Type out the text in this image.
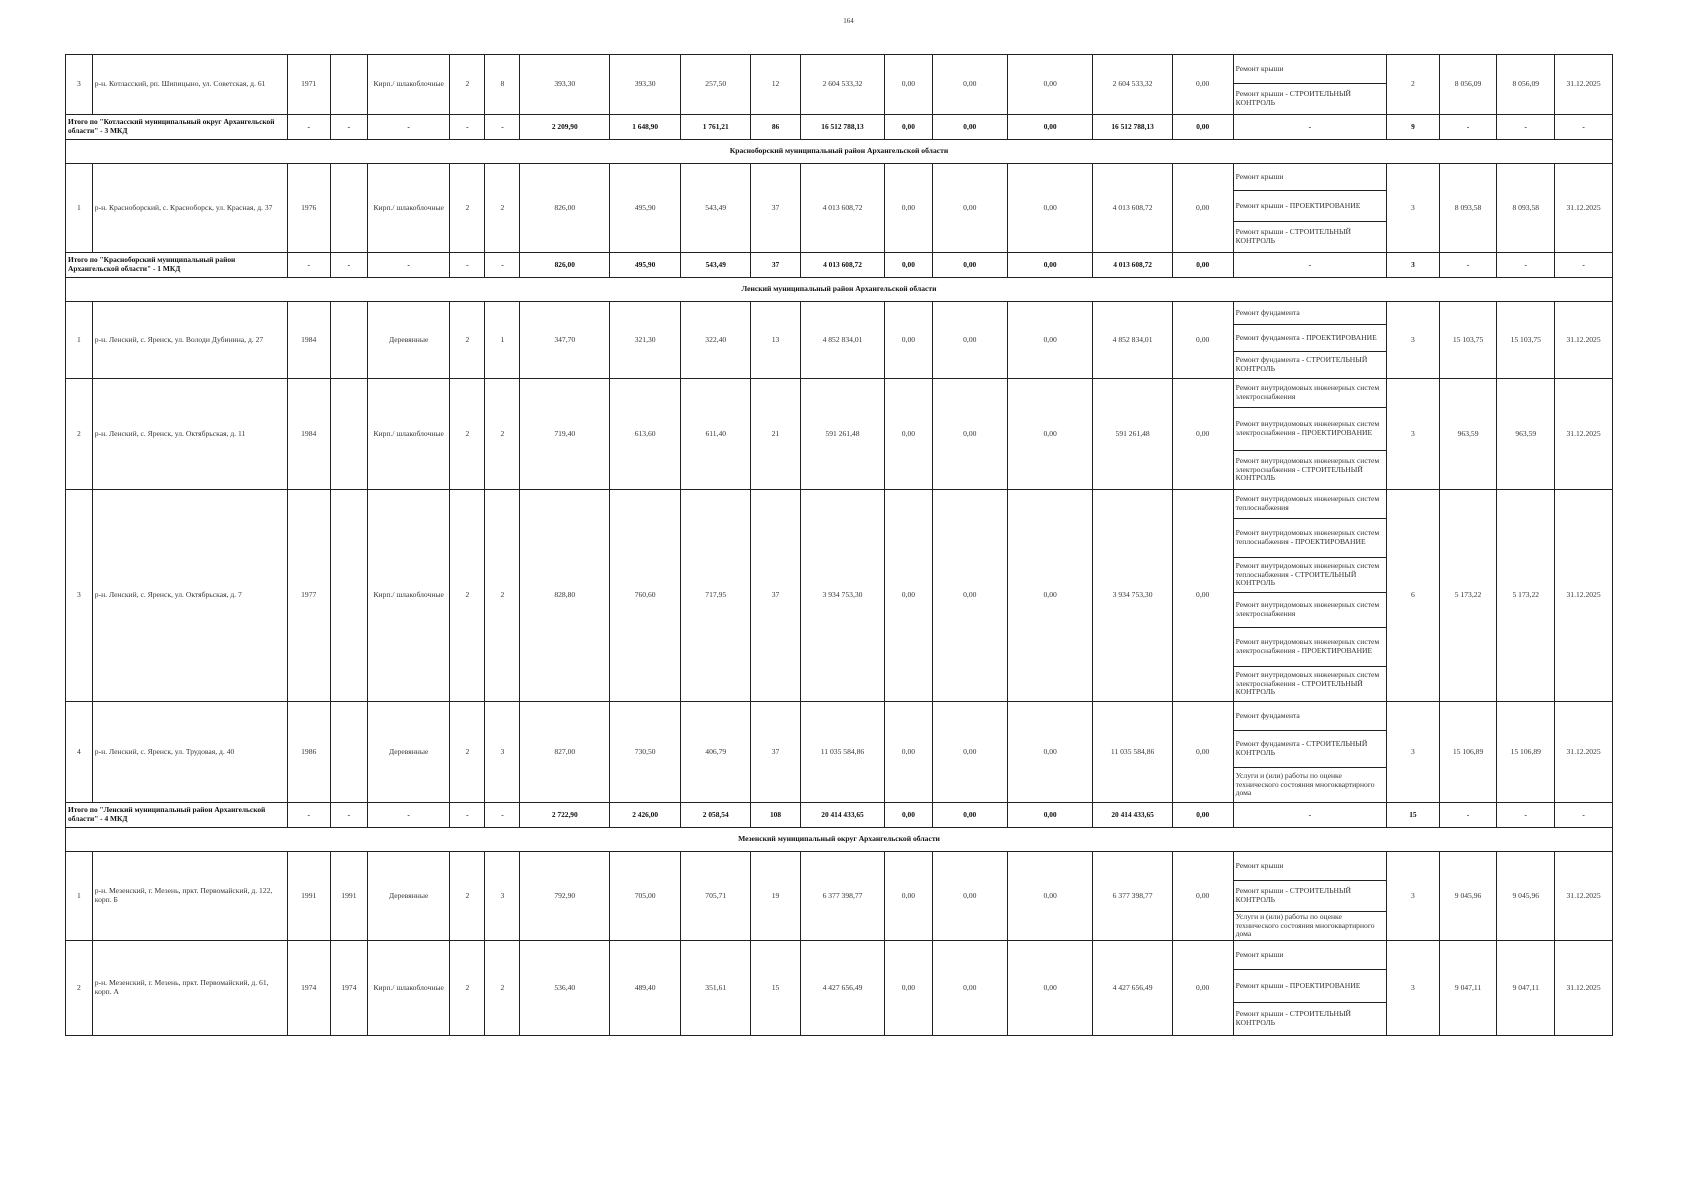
164
3	р-н. Котласский, рп. Шипицыно, ул. Советская, д. 61	1971		Кирп./ шлакоблочные	2	8	393,30	393,30	257,50	12	2 604 533,32	0,00	0,00	0,00	2 604 533,32	0,00	Ремонт крыши	2	8 056,09	8 056,09	31.12.2025
																	Ремонт крыши - СТРОИТЕЛЬНЫЙ КОНТРОЛЬ				
Итого по "Котласский муниципальный округ Архангельской области" - 3 МКД		-	-	-	-	-	2 209,90	1 648,90	1 761,21	86	16 512 788,13	0,00	0,00	0,00	16 512 788,13	0,00	-	9	-	-	-
Красноборский муниципальный район Архангельской области																					
1	р-н. Красноборский, с. Красноборск, ул. Красная, д. 37	1976		Кирп./ шлакоблочные	2	2	826,00	495,90	543,49	37	4 013 608,72	0,00	0,00	0,00	4 013 608,72	0,00	Ремонт крыши	3	8 093,58	8 093,58	31.12.2025
																	Ремонт крыши - ПРОЕКТИРОВАНИЕ				
																	Ремонт крыши - СТРОИТЕЛЬНЫЙ КОНТРОЛЬ				
Итого по "Красноборский муниципальный район Архангельской области" - 1 МКД		-	-	-	-	-	826,00	495,90	543,49	37	4 013 608,72	0,00	0,00	0,00	4 013 608,72	0,00	-	3	-	-	-
Ленский муниципальный район Архангельской области																					
1	р-н. Ленский, с. Яренск, ул. Володи Дубинина, д. 27	1984		Деревянные	2	1	347,70	321,30	322,40	13	4 852 834,01	0,00	0,00	0,00	4 852 834,01	0,00	Ремонт фундамента	3	15 103,75	15 103,75	31.12.2025
																	Ремонт фундамента - ПРОЕКТИРОВАНИЕ				
																	Ремонт фундамента - СТРОИТЕЛЬНЫЙ КОНТРОЛЬ				
2	р-н. Ленский, с. Яренск, ул. Октябрьская, д. 11	1984		Кирп./ шлакоблочные	2	2	719,40	613,60	611,40	21	591 261,48	0,00	0,00	0,00	591 261,48	0,00	Ремонт внутридомовых инженерных систем электроснабжения	3	963,59	963,59	31.12.2025
																	Ремонт внутридомовых инженерных систем электроснабжения - ПРОЕКТИРОВАНИЕ				
																	Ремонт внутридомовых инженерных систем электроснабжения - СТРОИТЕЛЬНЫЙ КОНТРОЛЬ				
3	р-н. Ленский, с. Яренск, ул. Октябрьская, д. 7	1977		Кирп./ шлакоблочные	2	2	828,80	760,60	717,95	37	3 934 753,30	0,00	0,00	0,00	3 934 753,30	0,00	Ремонт внутридомовых инженерных систем теплоснабжения	6	5 173,22	5 173,22	31.12.2025
																	Ремонт внутридомовых инженерных систем теплоснабжения - ПРОЕКТИРОВАНИЕ				
																	Ремонт внутридомовых инженерных систем теплоснабжения - СТРОИТЕЛЬНЫЙ КОНТРОЛЬ				
																	Ремонт внутридомовых инженерных систем электроснабжения				
																	Ремонт внутридомовых инженерных систем электроснабжения - ПРОЕКТИРОВАНИЕ				
																	Ремонт внутридомовых инженерных систем электроснабжения - СТРОИТЕЛЬНЫЙ КОНТРОЛЬ				
4	р-н. Ленский, с. Яренск, ул. Трудовая, д. 40	1986		Деревянные	2	3	827,00	730,50	406,79	37	11 035 584,86	0,00	0,00	0,00	11 035 584,86	0,00	Ремонт фундамента	3	15 106,89	15 106,89	31.12.2025
																	Ремонт фундамента - СТРОИТЕЛЬНЫЙ КОНТРОЛЬ				
																	Услуги и (или) работы по оценке технического состояния многоквартирного дома				
Итого по "Ленский муниципальный район Архангельской области" - 4 МКД		-	-	-	-	-	2 722,90	2 426,00	2 058,54	108	20 414 433,65	0,00	0,00	0,00	20 414 433,65	0,00	-	15	-	-	-
Мезенский муниципальный округ Архангельской области																					
1	р-н. Мезенский, г. Мезень, пркт. Первомайский, д. 122, корп. Б	1991	1991	Деревянные	2	3	792,90	705,00	705,71	19	6 377 398,77	0,00	0,00	0,00	6 377 398,77	0,00	Ремонт крыши	3	9 045,96	9 045,96	31.12.2025
																	Ремонт крыши - СТРОИТЕЛЬНЫЙ КОНТРОЛЬ				
																	Услуги и (или) работы по оценке технического состояния многоквартирного дома				
2	р-н. Мезенский, г. Мезень, пркт. Первомайский, д. 61, корп. А	1974	1974	Кирп./ шлакоблочные	2	2	536,40	489,40	351,61	15	4 427 656,49	0,00	0,00	0,00	4 427 656,49	0,00	Ремонт крыши	3	9 047,11	9 047,11	31.12.2025
																	Ремонт крыши - ПРОЕКТИРОВАНИЕ				
																	Ремонт крыши - СТРОИТЕЛЬНЫЙ КОНТРОЛЬ				
